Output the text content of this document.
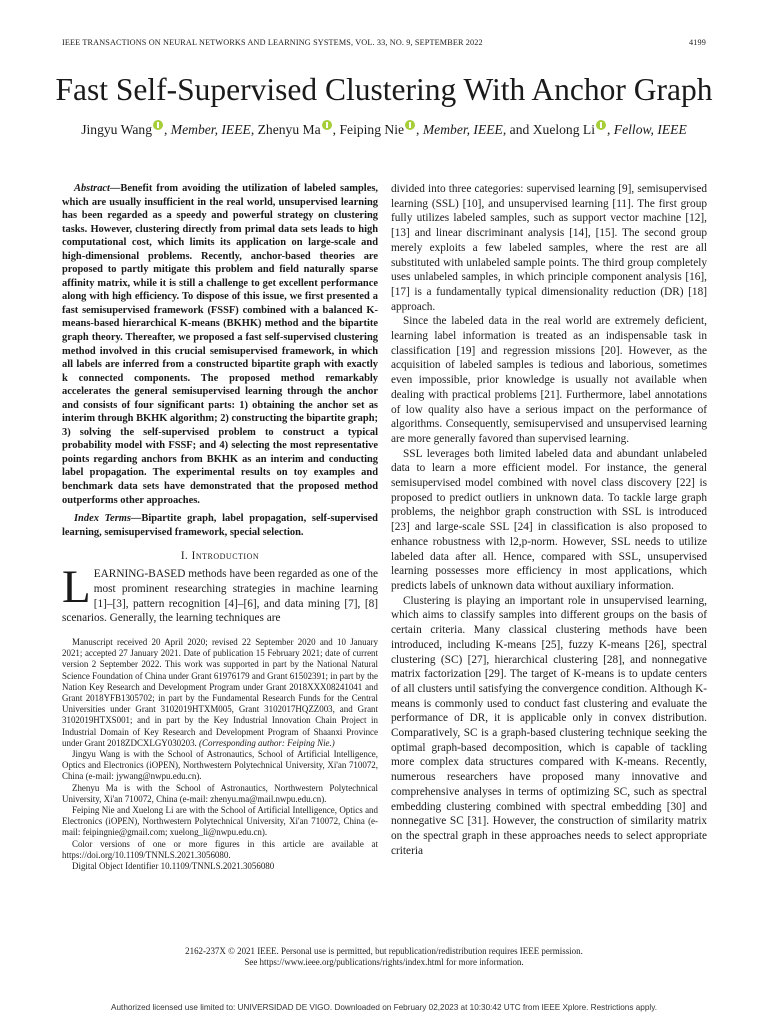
IEEE TRANSACTIONS ON NEURAL NETWORKS AND LEARNING SYSTEMS, VOL. 33, NO. 9, SEPTEMBER 2022	4199
Fast Self-Supervised Clustering With Anchor Graph
Jingyu Wang , Member, IEEE, Zhenyu Ma , Feiping Nie , Member, IEEE, and Xuelong Li , Fellow, IEEE

Abstract—Benefit from avoiding the utilization of labeled samples, which are usually insufficient in the real world, unsupervised learning has been regarded as a speedy and powerful strategy on clustering tasks. However, clustering directly from primal data sets leads to high computational cost, which limits its application on large-scale and high-dimensional problems. Recently, anchor-based theories are proposed to partly mitigate this problem and field naturally sparse affinity matrix, while it is still a challenge to get excellent performance along with high efficiency. To dispose of this issue, we first presented a fast semisupervised framework (FSSF) combined with a balanced K-means-based hierarchical K-means (BKHK) method and the bipartite graph theory. Thereafter, we proposed a fast self-supervised clustering method involved in this crucial semisupervised framework, in which all labels are inferred from a constructed bipartite graph with exactly k connected components. The proposed method remarkably accelerates the general semisupervised learning through the anchor and consists of four significant parts: 1) obtaining the anchor set as interim through BKHK algorithm; 2) constructing the bipartite graph; 3) solving the self-supervised problem to construct a typical probability model with FSSF; and 4) selecting the most representative points regarding anchors from BKHK as an interim and conducting label propagation. The experimental results on toy examples and benchmark data sets have demonstrated that the proposed method outperforms other approaches.

Index Terms—Bipartite graph, label propagation, self-supervised learning, semisupervised framework, special selection.

I. Introduction

LEARNING-BASED methods have been regarded as one of the most prominent researching strategies in machine learning [1]–[3], pattern recognition [4]–[6], and data mining [7], [8] scenarios. Generally, the learning techniques are

Manuscript received 20 April 2020; revised 22 September 2020 and 10 January 2021; accepted 27 January 2021. Date of publication 15 February 2021; date of current version 2 September 2022. This work was supported in part by the National Natural Science Foundation of China under Grant 61976179 and Grant 61502391; in part by the Nation Key Research and Development Program under Grant 2018XXX08241041 and Grant 2018YFB1305702; in part by the Fundamental Research Funds for the Central Universities under Grant 3102019HTXM005, Grant 3102017HQZZ003, and Grant 3102019HTXS001; and in part by the Key Industrial Innovation Chain Project in Industrial Domain of Key Research and Development Program of Shaanxi Province under Grant 2018ZDCXLGY030203. (Corresponding author: Feiping Nie.)

Jingyu Wang is with the School of Astronautics, School of Artificial Intelligence, Optics and Electronics (iOPEN), Northwestern Polytechnical University, Xi'an 710072, China (e-mail: jywang@nwpu.edu.cn).

Zhenyu Ma is with the School of Astronautics, Northwestern Polytechnical University, Xi'an 710072, China (e-mail: zhenyu.ma@mail.nwpu.edu.cn).

Feiping Nie and Xuelong Li are with the School of Artificial Intelligence, Optics and Electronics (iOPEN), Northwestern Polytechnical University, Xi'an 710072, China (e-mail: feipingnie@gmail.com; xuelong_li@nwpu.edu.cn).

Color versions of one or more figures in this article are available at https://doi.org/10.1109/TNNLS.2021.3056080.

Digital Object Identifier 10.1109/TNNLS.2021.3056080

divided into three categories: supervised learning [9], semisupervised learning (SSL) [10], and unsupervised learning [11]. The first group fully utilizes labeled samples, such as support vector machine [12], [13] and linear discriminant analysis [14], [15]. The second group merely exploits a few labeled samples, where the rest are all substituted with unlabeled sample points. The third group completely uses unlabeled samples, in which principle component analysis [16], [17] is a fundamentally typical dimensionality reduction (DR) [18] approach.

Since the labeled data in the real world are extremely deficient, learning label information is treated as an indispensable task in classification [19] and regression missions [20]. However, as the acquisition of labeled samples is tedious and laborious, sometimes even impossible, prior knowledge is usually not available when dealing with practical problems [21]. Furthermore, label annotations of low quality also have a serious impact on the performance of algorithms. Consequently, semisupervised and unsupervised learning are more generally favored than supervised learning.

SSL leverages both limited labeled data and abundant unlabeled data to learn a more efficient model. For instance, the general semisupervised model combined with novel class discovery [22] is proposed to predict outliers in unknown data. To tackle large graph problems, the neighbor graph construction with SSL is introduced [23] and large-scale SSL [24] in classification is also proposed to enhance robustness with l2,p-norm. However, SSL needs to utilize labeled data after all. Hence, compared with SSL, unsupervised learning possesses more efficiency in most applications, which predicts labels of unknown data without auxiliary information.

Clustering is playing an important role in unsupervised learning, which aims to classify samples into different groups on the basis of certain criteria. Many classical clustering methods have been introduced, including K-means [25], fuzzy K-means [26], spectral clustering (SC) [27], hierarchical clustering [28], and nonnegative matrix factorization [29]. The target of K-means is to update centers of all clusters until satisfying the convergence condition. Although K-means is commonly used to conduct fast clustering and evaluate the performance of DR, it is applicable only in convex distribution. Comparatively, SC is a graph-based clustering technique seeking the optimal graph-based decomposition, which is capable of tackling more complex data structures compared with K-means. Recently, numerous researchers have proposed many innovative and comprehensive analyses in terms of optimizing SC, such as spectral embedding clustering combined with spectral embedding [30] and nonnegative SC [31]. However, the construction of similarity matrix on the spectral graph in these approaches needs to select appropriate criteria

2162-237X © 2021 IEEE. Personal use is permitted, but republication/redistribution requires IEEE permission.
See https://www.ieee.org/publications/rights/index.html for more information.
Authorized licensed use limited to: UNIVERSIDAD DE VIGO. Downloaded on February 02,2023 at 10:30:42 UTC from IEEE Xplore. Restrictions apply.
